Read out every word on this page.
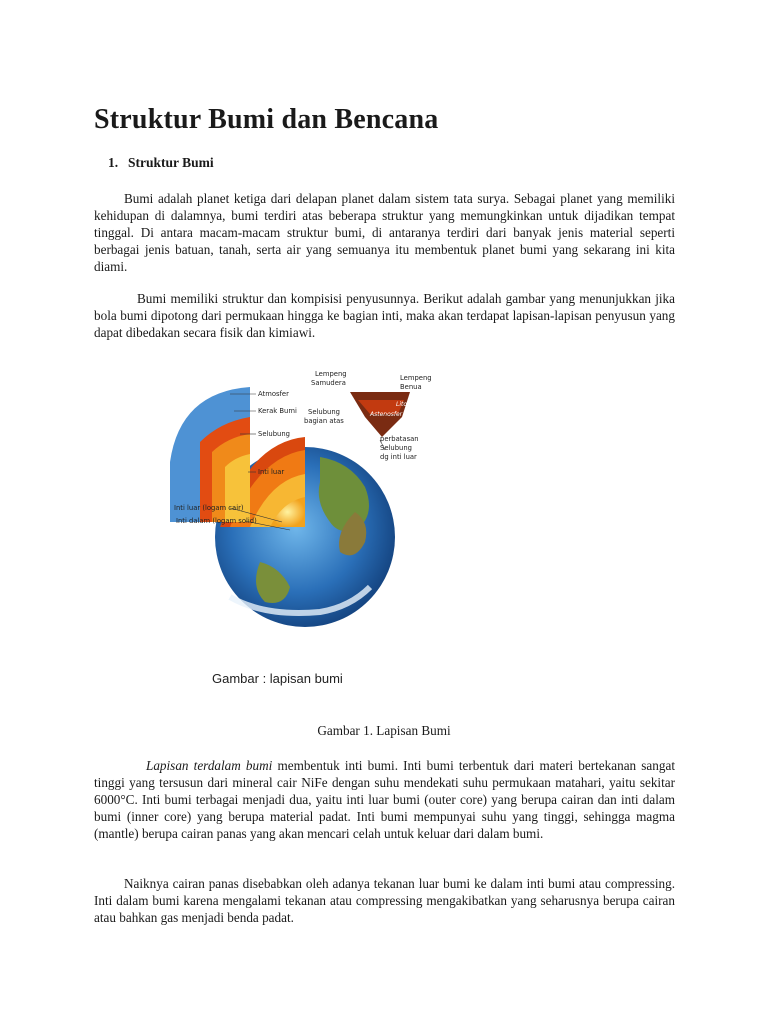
Struktur Bumi dan Bencana
1. Struktur Bumi

Bumi adalah planet ketiga dari delapan planet dalam sistem tata surya. Sebagai planet yang memiliki kehidupan di dalamnya, bumi terdiri atas beberapa struktur yang memungkinkan untuk dijadikan tempat tinggal. Di antara macam-macam struktur bumi, di antaranya terdiri dari banyak jenis material seperti berbagai jenis batuan, tanah, serta air yang semuanya itu membentuk planet bumi yang sekarang ini kita diami.

Bumi memiliki struktur dan kompisisi penyusunnya. Berikut adalah gambar yang menunjukkan jika bola bumi dipotong dari permukaan hingga ke bagian inti, maka akan terdapat lapisan-lapisan penyusun yang dapat dibedakan secara fisik dan kimiawi.

Atmosfer
Kerak Bumi
Selubung
Inti luar
Inti luar (logam cair)
Inti dalam (logam solid)
Lempeng
Samudera
Lempeng
Benua
Litosfer
Astenosfer
Selubung
bagian atas
perbatasan
Selubung
dg inti luar
Gambar : lapisan bumi
Gambar 1. Lapisan Bumi

Lapisan terdalam bumi membentuk inti bumi. Inti bumi terbentuk dari materi bertekanan sangat tinggi yang tersusun dari mineral cair NiFe dengan suhu mendekati suhu permukaan matahari, yaitu sekitar 6000°C. Inti bumi terbagai menjadi dua, yaitu inti luar bumi (outer core) yang berupa cairan dan inti dalam bumi (inner core) yang berupa material padat. Inti bumi mempunyai suhu yang tinggi, sehingga magma (mantle) berupa cairan panas yang akan mencari celah untuk keluar dari dalam bumi.

Naiknya cairan panas disebabkan oleh adanya tekanan luar bumi ke dalam inti bumi atau compressing. Inti dalam bumi karena mengalami tekanan atau compressing mengakibatkan yang seharusnya berupa cairan atau bahkan gas menjadi benda padat.
